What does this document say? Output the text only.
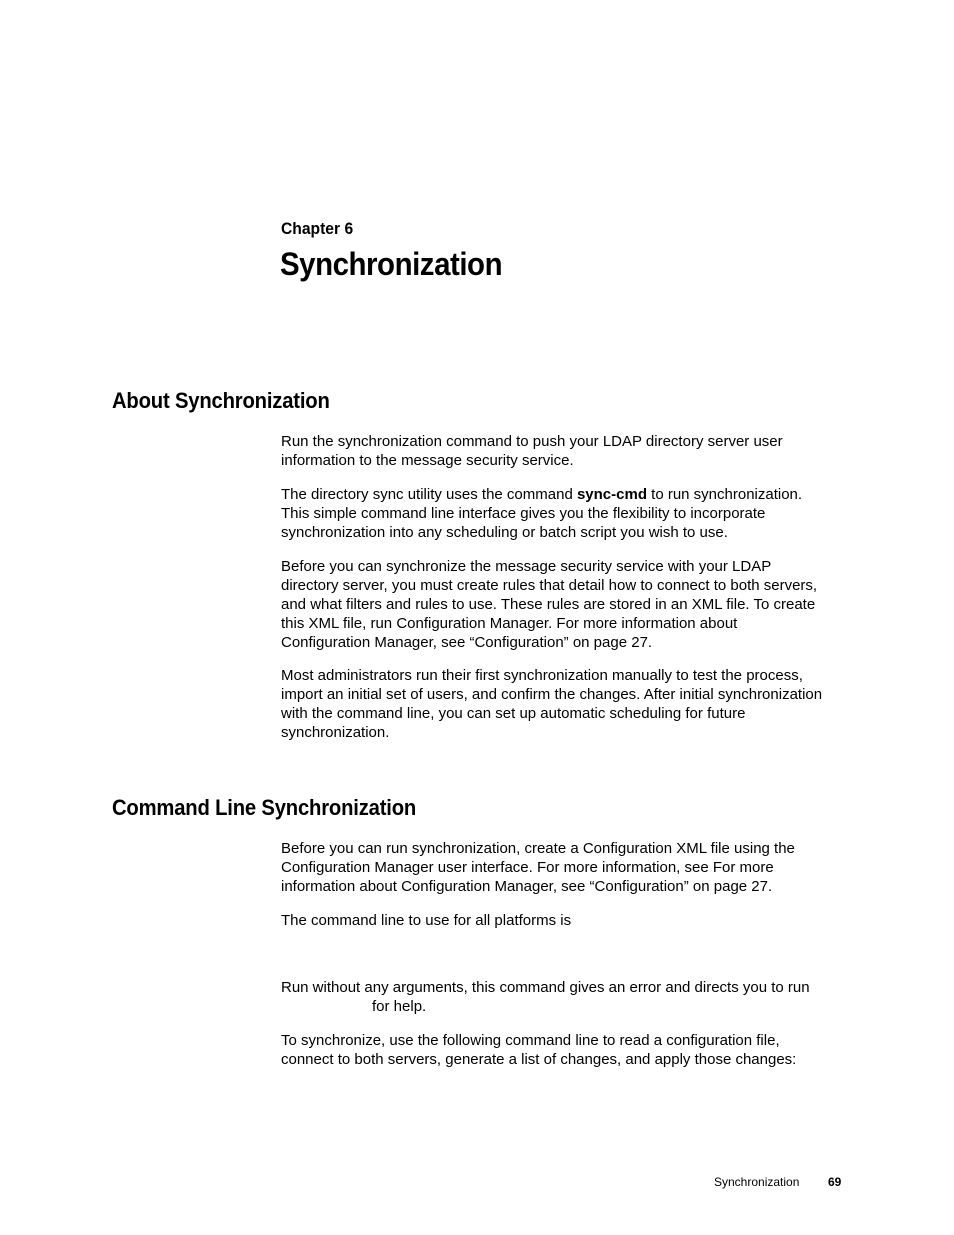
Chapter 6
Synchronization
About Synchronization

Run the synchronization command to push your LDAP directory server user
information to the message security service.

The directory sync utility uses the command sync-cmd to run synchronization.
This simple command line interface gives you the flexibility to incorporate
synchronization into any scheduling or batch script you wish to use.

Before you can synchronize the message security service with your LDAP
directory server, you must create rules that detail how to connect to both servers,
and what filters and rules to use. These rules are stored in an XML file. To create
this XML file, run Configuration Manager. For more information about
Configuration Manager, see “Configuration” on page 27.

Most administrators run their first synchronization manually to test the process,
import an initial set of users, and confirm the changes. After initial synchronization
with the command line, you can set up automatic scheduling for future
synchronization.

Command Line Synchronization

Before you can run synchronization, create a Configuration XML file using the
Configuration Manager user interface. For more information, see For more
information about Configuration Manager, see “Configuration” on page 27.

The command line to use for all platforms is

Run without any arguments, this command gives an error and directs you to run
for help.

To synchronize, use the following command line to read a configuration file,
connect to both servers, generate a list of changes, and apply those changes:

Synchronization 69
